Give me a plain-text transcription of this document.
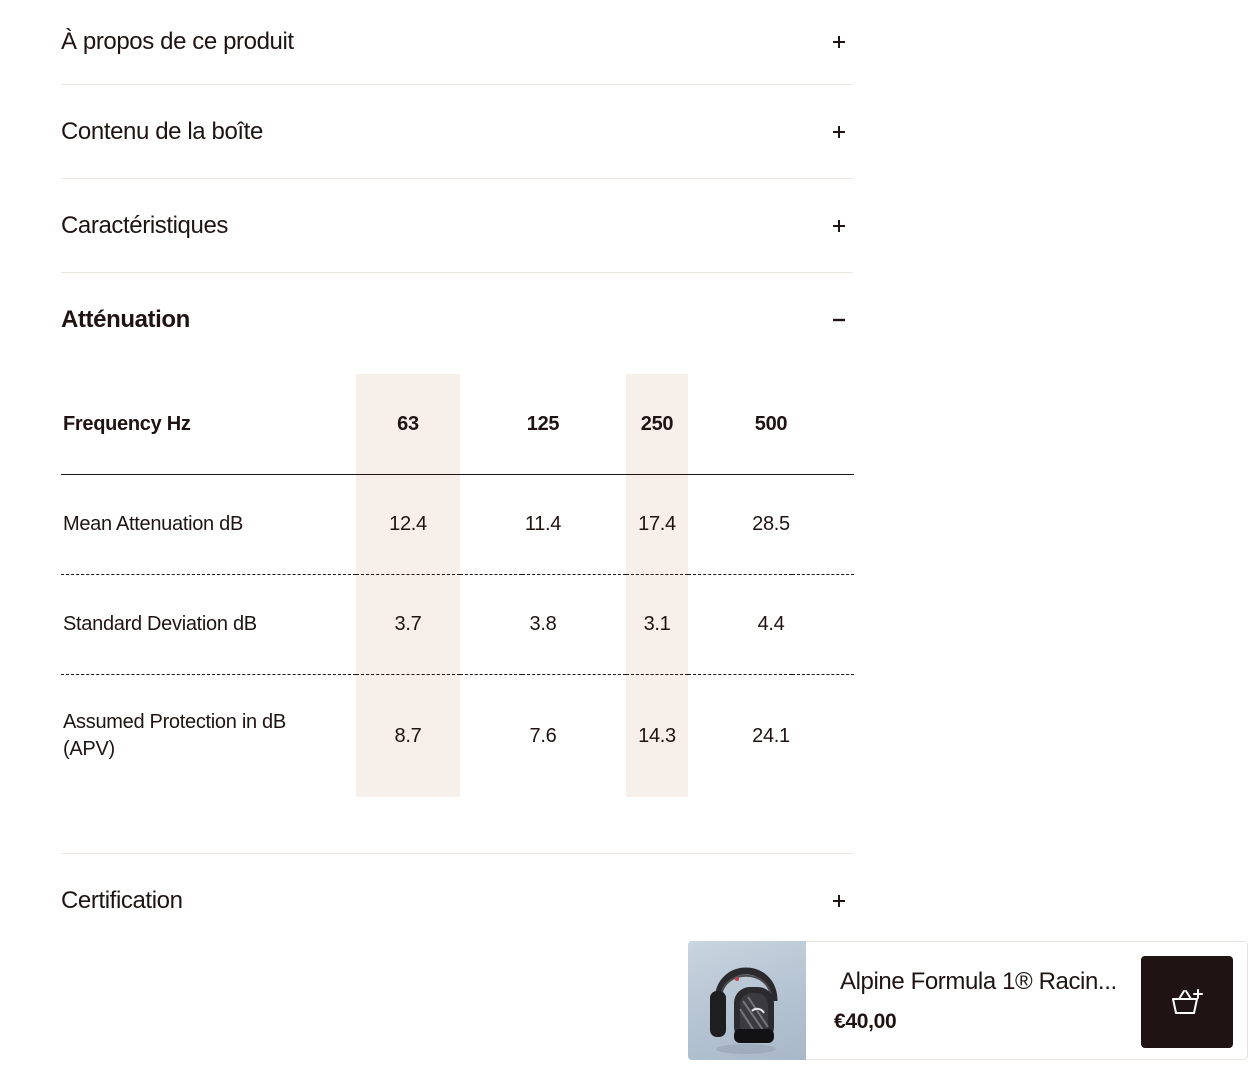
À propos de ce produit
Contenu de la boîte
Caractéristiques
Atténuation
Frequency Hz	63	125	250	500

Mean Attenuation dB	12.4	11.4	17.4	28.5

Standard Deviation dB	3.7	3.8	3.1	4.4

Assumed Protection in dB (APV)	8.7	7.6	14.3	24.1
Certification
Alpine Formula 1® Racin...
€40,00
